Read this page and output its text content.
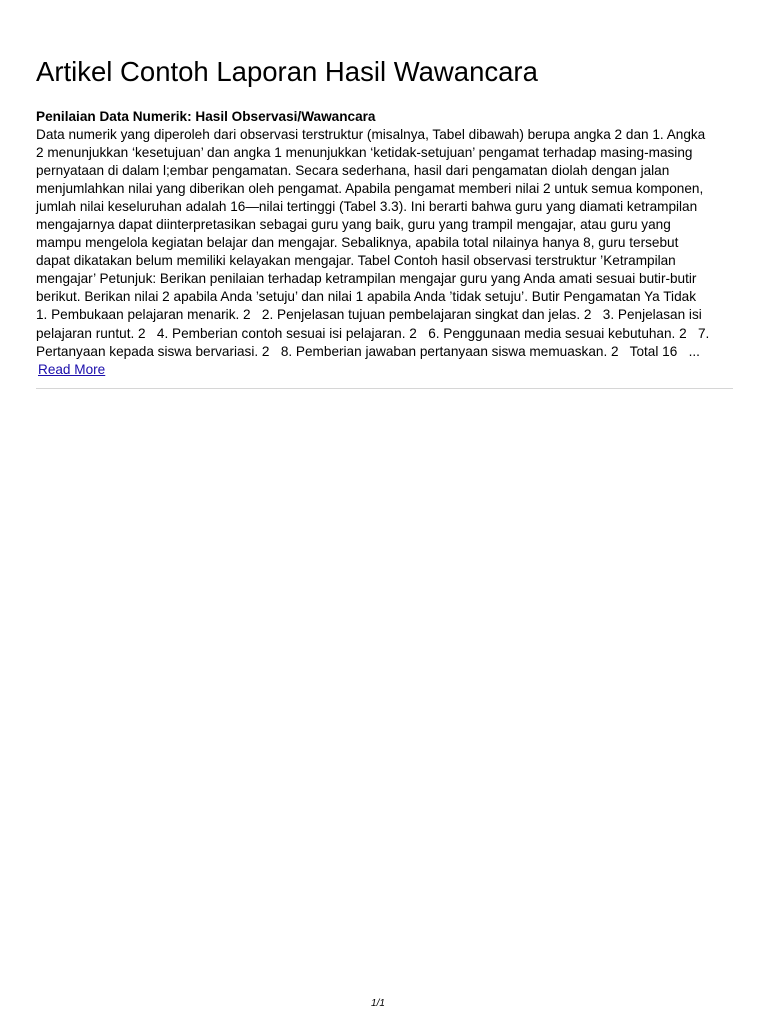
Artikel Contoh Laporan Hasil Wawancara
Penilaian Data Numerik: Hasil Observasi/Wawancara

Data numerik yang diperoleh dari observasi terstruktur (misalnya, Tabel dibawah) berupa angka 2 dan 1. Angka
2 menunjukkan ‘kesetujuan’ dan angka 1 menunjukkan ‘ketidak-setujuan’ pengamat terhadap masing-masing
pernyataan di dalam l;embar pengamatan. Secara sederhana, hasil dari pengamatan diolah dengan jalan
menjumlahkan nilai yang diberikan oleh pengamat. Apabila pengamat memberi nilai 2 untuk semua komponen,
jumlah nilai keseluruhan adalah 16—nilai tertinggi (Tabel 3.3). Ini berarti bahwa guru yang diamati ketrampilan
mengajarnya dapat diinterpretasikan sebagai guru yang baik, guru yang trampil mengajar, atau guru yang
mampu mengelola kegiatan belajar dan mengajar. Sebaliknya, apabila total nilainya hanya 8, guru tersebut
dapat dikatakan belum memiliki kelayakan mengajar. Tabel Contoh hasil observasi terstruktur ’Ketrampilan
mengajar’ Petunjuk: Berikan penilaian terhadap ketrampilan mengajar guru yang Anda amati sesuai butir-butir
berikut. Berikan nilai 2 apabila Anda ’setuju’ dan nilai 1 apabila Anda ’tidak setuju’. Butir Pengamatan Ya Tidak
1. Pembukaan pelajaran menarik. 2   2. Penjelasan tujuan pembelajaran singkat dan jelas. 2   3. Penjelasan isi
pelajaran runtut. 2   4. Pemberian contoh sesuai isi pelajaran. 2   6. Penggunaan media sesuai kebutuhan. 2   7.
Pertanyaan kepada siswa bervariasi. 2   8. Pemberian jawaban pertanyaan siswa memuaskan. 2   Total 16   ...

Read More
1/1
